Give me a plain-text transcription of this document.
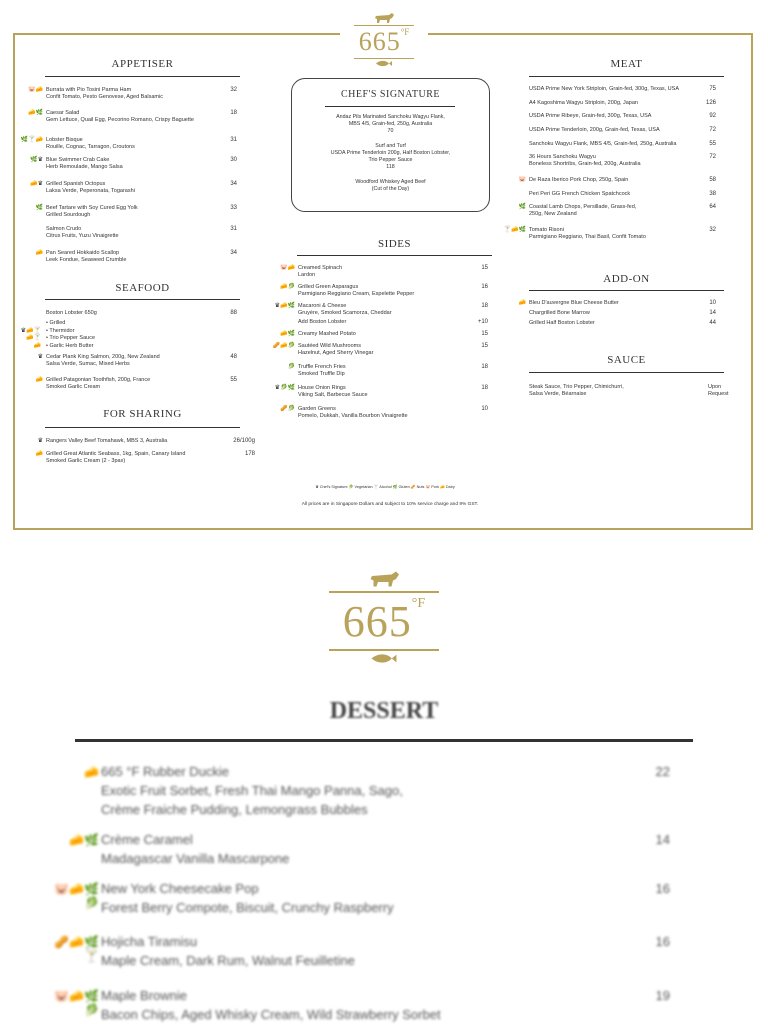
$665^{^\circ F}$
APPETISER
🐷🧀 Burrata with Pio Tosini Parma Ham
Confit Tomato, Pesto Genovese, Aged Balsamic
32
🧀🌿 Caesar Salad
Gem Lettuce, Quail Egg, Pecorino Romano, Crispy Baguette
18
🌿🍸🧀 Lobster Bisque
Rouille, Cognac, Tarragon, Croutons
31
🌿♛ Blue Swimmer Crab Cake
Herb Remoulade, Mango Salsa
30
🧀♛ Grilled Spanish Octopus
Laksa Verde, Peperonata, Togarashi
34
🌿 Beef Tartare with Soy Cured Egg Yolk
Grilled Sourdough
33
Salmon Crudo
Citrus Fruits, Yuzu Vinaigrette
31
🧀 Pan Seared Hokkaido Scallop
Leek Fondue, Seaweed Crumble
34
SEAFOOD
Boston Lobster 650g	88
• Grilled
• Thermidor
♛🧀🍸
• Trio Pepper Sauce
🧀🍸
• Garlic Herb Butter
🧀
♛ Cedar Plank King Salmon, 200g, New Zealand
Salsa Verde, Sumac, Mixed Herbs
48
🧀 Grilled Patagonian Toothfish, 200g, France
Smoked Garlic Cream
55
FOR SHARING
♛ Rangers Valley Beef Tomahawk, MBS 3, Australia	26/100g
🧀 Grilled Great Atlantic Seabass, 1kg, Spain, Canary Island
Smoked Garlic Cream (2 - 3pax)
178
CHEF'S SIGNATURE
Andaz Pils Marinated Sanchoku Wagyu Flank,
MBS 4/5, Grain-fed, 250g, Australia
70

Surf and Turf
USDA Prime Tenderloin 200g, Half Boston Lobster,
Trio Pepper Sauce
118

Woodford Whiskey Aged Beef
(Cut of the Day)
SIDES
🐷🧀 Creamed Spinach
Lardon
15
🧀🥬 Grilled Green Asparagus
Parmigiano Reggiano Cream, Espelette Pepper
16
♛🧀🌿 Macaroni & Cheese
Gruyère, Smoked Scamorza, Cheddar
18
Add Boston Lobster	+10
🧀🌿 Creamy Mashed Potato	15
🥜🧀🥬 Sautéed Wild Mushrooms
Hazelnut, Aged Sherry Vinegar
15
🥬 Truffle French Fries
Smoked Truffle Dip
18
♛🥬🌿 House Onion Rings
Viking Salt, Barbecue Sauce
18
🥜🥬 Garden Greens
Pomelo, Dukkah, Vanilla Bourbon Vinaigrette
10
MEAT
USDA Prime New York Striploin, Grain-fed, 300g, Texas, USA	75
A4 Kagoshima Wagyu Striploin, 200g, Japan	126
USDA Prime Ribeye, Grain-fed, 300g, Texas, USA	92
USDA Prime Tenderloin, 200g, Grain-fed, Texas, USA	72
Sanchoku Wagyu Flank, MBS 4/5, Grain-fed, 250g, Australia	55
36 Hours Sanchoku Wagyu
Boneless Shortribs, Grain-fed, 200g, Australia
72
🐷 De Raza Iberico Pork Chop, 250g, Spain	58
Peri Peri GG French Chicken Spatchcock	38
🌿 Coastal Lamb Chops, Persillade, Grass-fed,
250g, New Zealand
64
🍸🧀🌿 Tomato Risoni
Parmigiano Reggiano, Thai Basil, Confit Tomato
32
ADD-ON
🧀 Bleu D'auvergne Blue Cheese Butter	10
Chargrilled Bone Marrow	14
Grilled Half Boston Lobster	44
SAUCE
Steak Sauce, Trio Pepper, Chimichurri,
Salsa Verde, Béarnaise
Upon
Request
♛ Chef's Signature 🥬 Vegetarian 🍸 Alcohol 🌿 Gluten 🥜 Nuts 🐷 Pork 🧀 Dairy
All prices are in Singapore Dollars and subject to 10% service charge and 9% GST.
665°F
DESSERT
🧀 665 °F Rubber Duckie
Exotic Fruit Sorbet, Fresh Thai Mango Panna, Sago,
Crème Fraiche Pudding, Lemongrass Bubbles
22
🧀🌿 Crème Caramel
Madagascar Vanilla Mascarpone
14
🐷🧀🌿🥬
New York Cheesecake Pop
Forest Berry Compote, Biscuit, Crunchy Raspberry
16
🥜🧀🌿🍸
Hojicha Tiramisu
Maple Cream, Dark Rum, Walnut Feuilletine
16
🐷🧀🌿🥬
Maple Brownie
Bacon Chips, Aged Whisky Cream, Wild Strawberry Sorbet
19
